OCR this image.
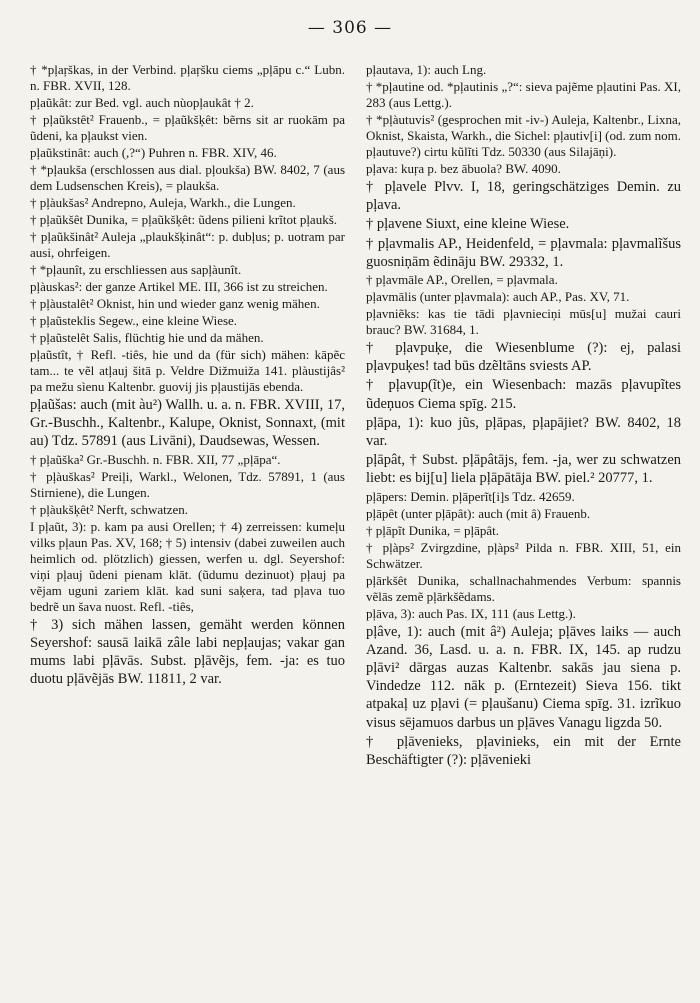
— 306 —

† *pļaŗškas, in der Verbind. pļaŗšku ciems „pļāpu c.“ Lubn. n. FBR. XVII, 128.

pļaũkât: zur Bed. vgl. auch nùopļaukât † 2.

† pļaũkstêt² Frauenb., = pļaũkšķêt: bẽrns sit ar ruokām pa ũdeni, ka pļaukst vien.

pļaũkstinât: auch (,?“) Puhren n. FBR. XIV, 46.

† *pļaukša (erschlossen aus dial. pļoukša) BW. 8402, 7 (aus dem Ludsenschen Kreis), = plaukša.

† pļàukšas² Andrepno, Auleja, Warkh., die Lungen.

† pļaũkšêt Dunika, = pļaũkšķêt: ũdens pilieni krĩtot pļaukš.

† pļaũkšinât² Auleja „plaukšķinât“: p. dubļus; p. uotram par ausi, ohrfeigen.

† *pļaunît, zu erschliessen aus sapļàunît.

pļàuskas²: der ganze Artikel ME. III, 366 ist zu streichen.

† pļàustalêt² Oknist, hin und wieder ganz wenig mähen.

† pļaũsteklis Segew., eine kleine Wiese.

† pļaũstelêt Salis, flüchtig hie und da mähen.

pļaũstît, † Refl. -tiês, hie und da (für sich) mähen: kāpẽc tam... te vẽl atļauj šitā p. Veldre Dižmuiža 141. plàustijâs² pa mežu sìenu Kaltenbr. guovij jis pļaustijās ebenda.

pļaũšas: auch (mit àu²) Wallh. u. a. n. FBR. XVIII, 17, Gr.-Buschh., Kaltenbr., Kalupe, Oknist, Sonnaxt, (mit au) Tdz. 57891 (aus Livāni), Daudsewas, Wessen.

† pļaũška² Gr.-Buschh. n. FBR. XII, 77 „pļāpa“.

† pļàuškas² Preiļi, Warkl., Welonen, Tdz. 57891, 1 (aus Stirniene), die Lungen.

† pļàukšķêt² Nerft, schwatzen.

I pļaũt, 3): p. kam pa ausi Orellen; † 4) zerreissen: kumeļu vilks pļaun Pas. XV, 168; † 5) intensiv (dabei zuweilen auch heimlich od. plötzlich) giessen, werfen u. dgl. Seyershof: viņi pļauj ũdeni pienam klāt. (ũdumu dezinuot) pļauj pa vẽjam uguni zariem klāt. kad suni saķera, tad pļava tuo bedrẽ un šava nuost. Refl. -tiês,

† 3) sich mähen lassen, gemäht werden können Seyershof: sausā laikā zâle labi nepļaujas; vakar gan mums labi pļāvās. Subst. pļāvẽjs, fem. -ja: es tuo duotu pļāvẽjās BW. 11811, 2 var.

pļautava, 1): auch Lng.

† *pļautine od. *pļautinis „?“: sieva pajẽme pļautini Pas. XI, 283 (aus Lettg.).

† *pļàutuvis² (gesprochen mit -iv-) Auleja, Kaltenbr., Lixna, Oknist, Skaista, Warkh., die Sichel: pļautiv[i] (od. zum nom. pļautuve?) cirtu kũlĩti Tdz. 50330 (aus Silajāņi).

pļava: kuŗa p. bez ābuola? BW. 4090.

† pļavele Plvv. I, 18, geringschätziges Demin. zu pļava.

† pļavene Siuxt, eine kleine Wiese.

† pļavmalis AP., Heidenfeld, = pļavmala: pļavmalĩšus guosniņām ẽdināju BW. 29332, 1.

† pļavmāle AP., Orellen, = pļavmala.

pļavmālis (unter pļavmala): auch AP., Pas. XV, 71.

pļavniẽks: kas tie tādi pļavnieciņi mūs[u] mužai cauri brauc? BW. 31684, 1.

† pļavpuķe, die Wiesenblume (?): ej, palasi pļavpuķes! tad būs dzẽltāns sviests AP.

† pļavup(ĩt)e, ein Wiesenbach: mazās pļavupĩtes ũdeņuos Ciema spīg. 215.

pļāpa, 1): kuo jũs, pļāpas, pļapājiet? BW. 8402, 18 var.

pļāpât, † Subst. pļāpâtājs, fem. -ja, wer zu schwatzen liebt: es bij[u] liela pļāpātāja BW. piel.² 20777, 1.

pļāpers: Demin. pļāperĩt[i]s Tdz. 42659.

pļāpêt (unter pļāpât): auch (mit â) Frauenb.

† pļāpĩt Dunika, = pļāpât.

† pļàps² Zvirgzdine, pļàps² Pilda n. FBR. XIII, 51, ein Schwätzer.

pļārkšêt Dunika, schallnachahmendes Verbum: spannis vẽlās zemẽ pļārkšẽdams.

pļāva, 3): auch Pas. IX, 111 (aus Lettg.).

pļâve, 1): auch (mit â²) Auleja; pļāves laiks — auch Azand. 36, Lasd. u. a. n. FBR. IX, 145. ap rudzu pļāvi² dārgas auzas Kaltenbr. sakās jau siena p. Vindedze 112. nāk p. (Erntezeit) Sieva 156. tikt atpakaļ uz pļavi (= pļaušanu) Ciema spīg. 31. izrĩkuo visus sējamuos darbus un pļāves Vanagu ligzda 50.

† pļāvenieks, pļavinieks, ein mit der Ernte Beschäftigter (?): pļāvenieki
